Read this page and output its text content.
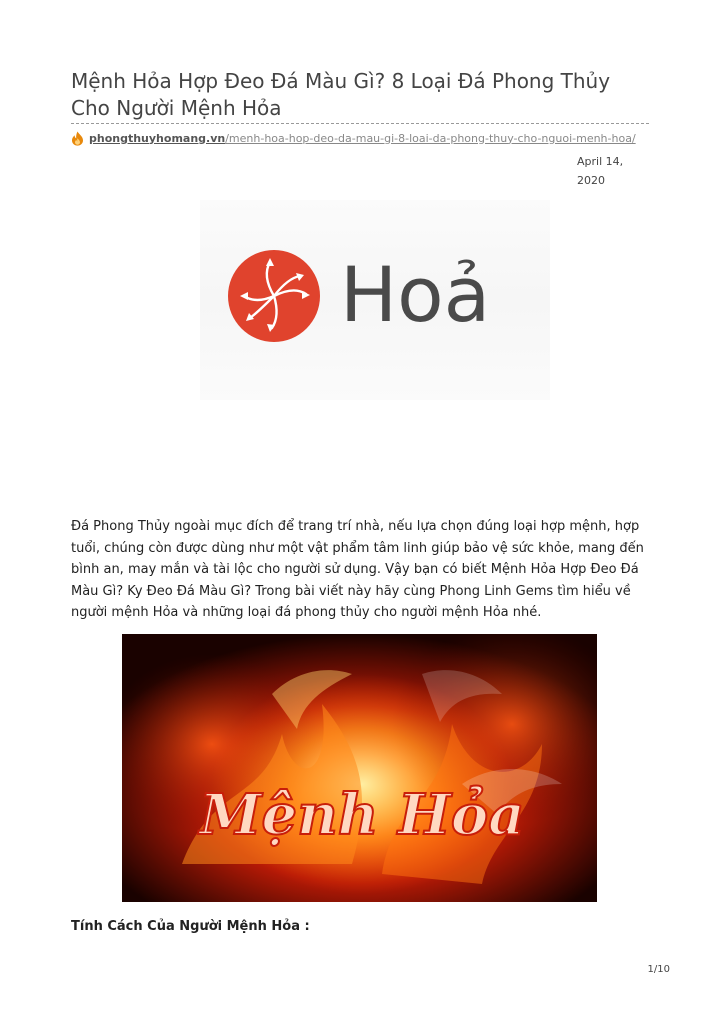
Mệnh Hỏa Hợp Đeo Đá Màu Gì? 8 Loại Đá Phong Thủy Cho Người Mệnh Hỏa
phongthuyhomang.vn /menh-hoa-hop-deo-da-mau-gi-8-loai-da-phong-thuy-cho-nguoi-menh-hoa/
April 14, 2020
Hoả

Đá Phong Thủy ngoài mục đích để trang trí nhà, nếu lựa chọn đúng loại hợp mệnh, hợp tuổi, chúng còn được dùng như một vật phẩm tâm linh giúp bảo vệ sức khỏe, mang đến bình an, may mắn và tài lộc cho người sử dụng. Vậy bạn có biết Mệnh Hỏa Hợp Đeo Đá Màu Gì? Ky Đeo Đá Màu Gì? Trong bài viết này hãy cùng Phong Linh Gems tìm hiểu về người mệnh Hỏa và những loại đá phong thủy cho người mệnh Hỏa nhé.

Mệnh Hỏa
Tính Cách Của Người Mệnh Hỏa :
1/10
